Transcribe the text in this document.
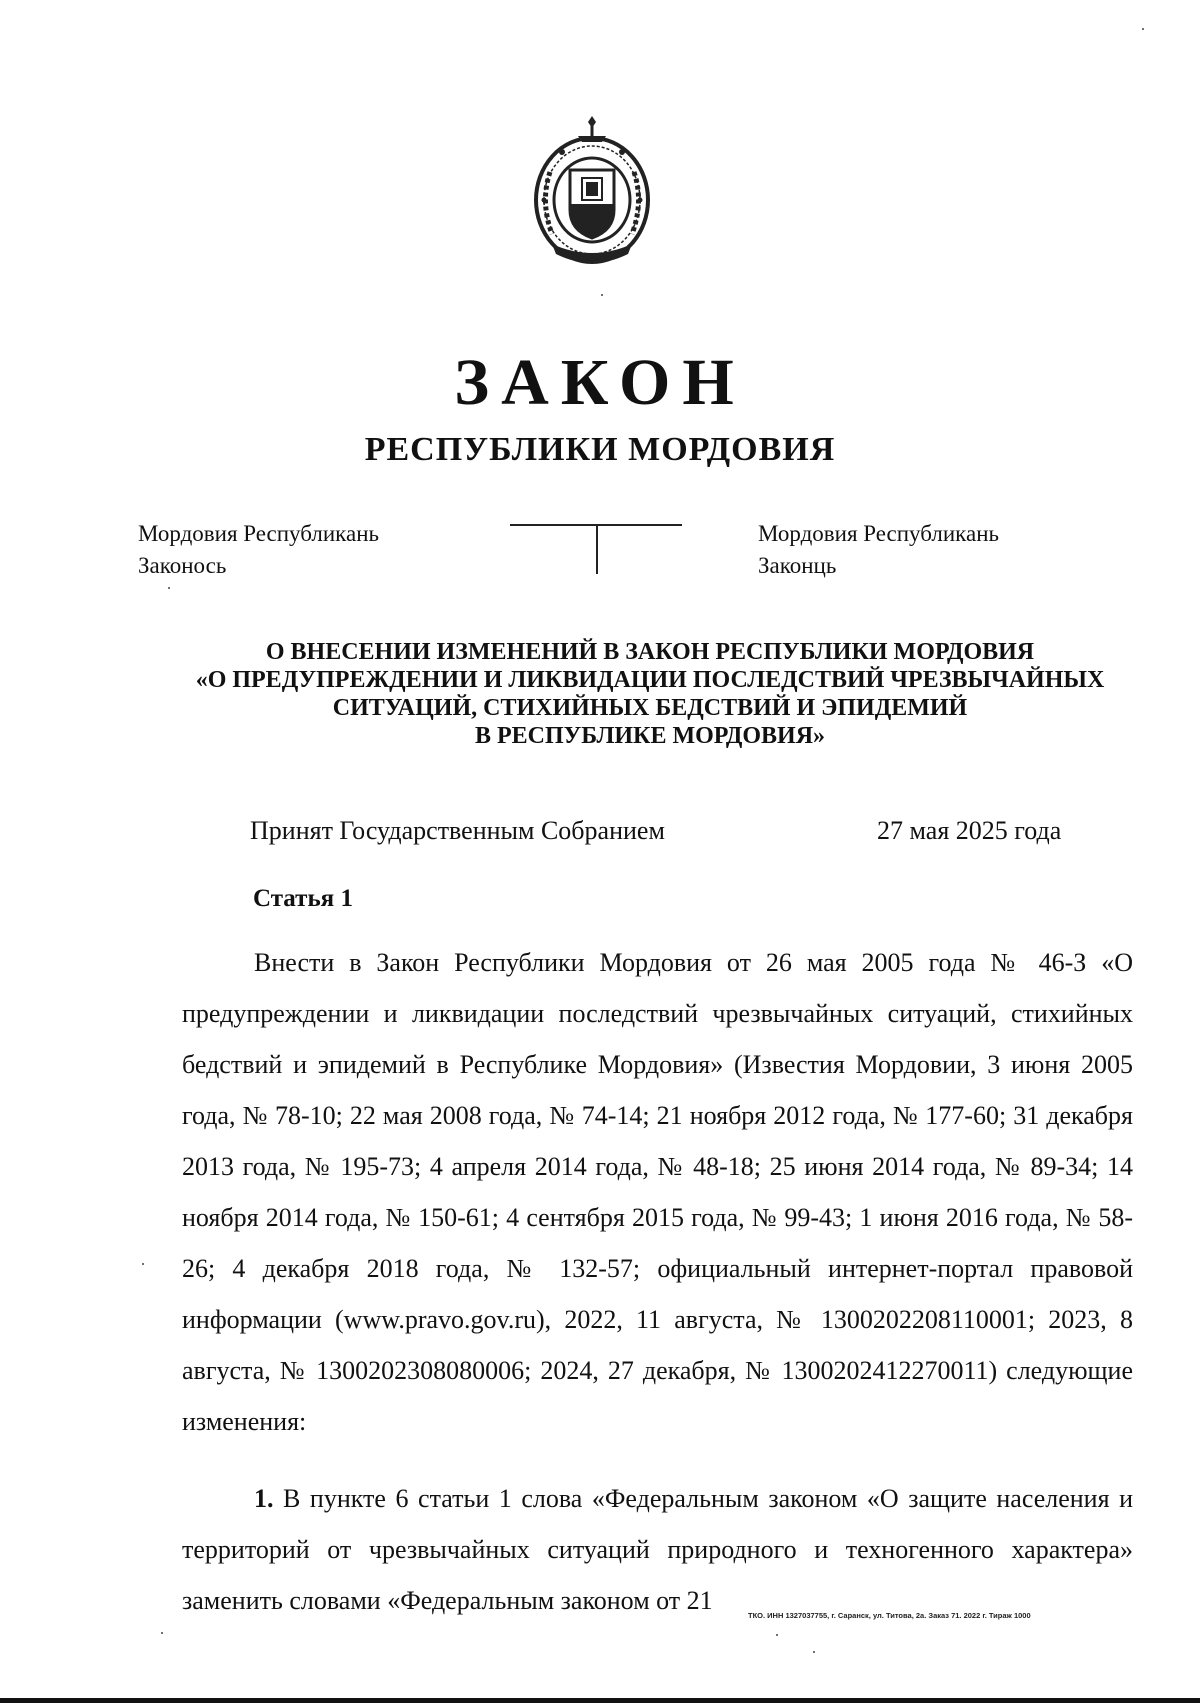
ЗАКОН
РЕСПУБЛИКИ МОРДОВИЯ
Мордовия Республикань
Законось
Мордовия Республикань
Законць
О ВНЕСЕНИИ ИЗМЕНЕНИЙ В ЗАКОН РЕСПУБЛИКИ МОРДОВИЯ
«О ПРЕДУПРЕЖДЕНИИ И ЛИКВИДАЦИИ ПОСЛЕДСТВИЙ ЧРЕЗВЫЧАЙНЫХ
СИТУАЦИЙ, СТИХИЙНЫХ БЕДСТВИЙ И ЭПИДЕМИЙ
В РЕСПУБЛИКЕ МОРДОВИЯ»
Принят Государственным Собранием	27 мая 2025 года
Статья 1

Внести в Закон Республики Мордовия от 26 мая 2005 года № 46-З «О предупреждении и ликвидации последствий чрезвычайных ситуаций, стихийных бедствий и эпидемий в Республике Мордовия» (Известия Мордовии, 3 июня 2005 года, № 78-10; 22 мая 2008 года, № 74-14; 21 ноября 2012 года, № 177-60; 31 декабря 2013 года, № 195-73; 4 апреля 2014 года, № 48-18; 25 июня 2014 года, № 89-34; 14 ноября 2014 года, № 150-61; 4 сентября 2015 года, № 99-43; 1 июня 2016 года, № 58-26; 4 декабря 2018 года, № 132-57; официальный интернет-портал правовой информации (www.pravo.gov.ru), 2022, 11 августа, № 1300202208110001; 2023, 8 августа, № 1300202308080006; 2024, 27 декабря, № 1300202412270011) следующие изменения:

1. В пункте 6 статьи 1 слова «Федеральным законом «О защите населения и территорий от чрезвычайных ситуаций природного и техногенного характера» заменить словами «Федеральным законом от 21

ТКО. ИНН 1327037755, г. Саранск, ул. Титова, 2а. Заказ 71. 2022 г. Тираж 1000
